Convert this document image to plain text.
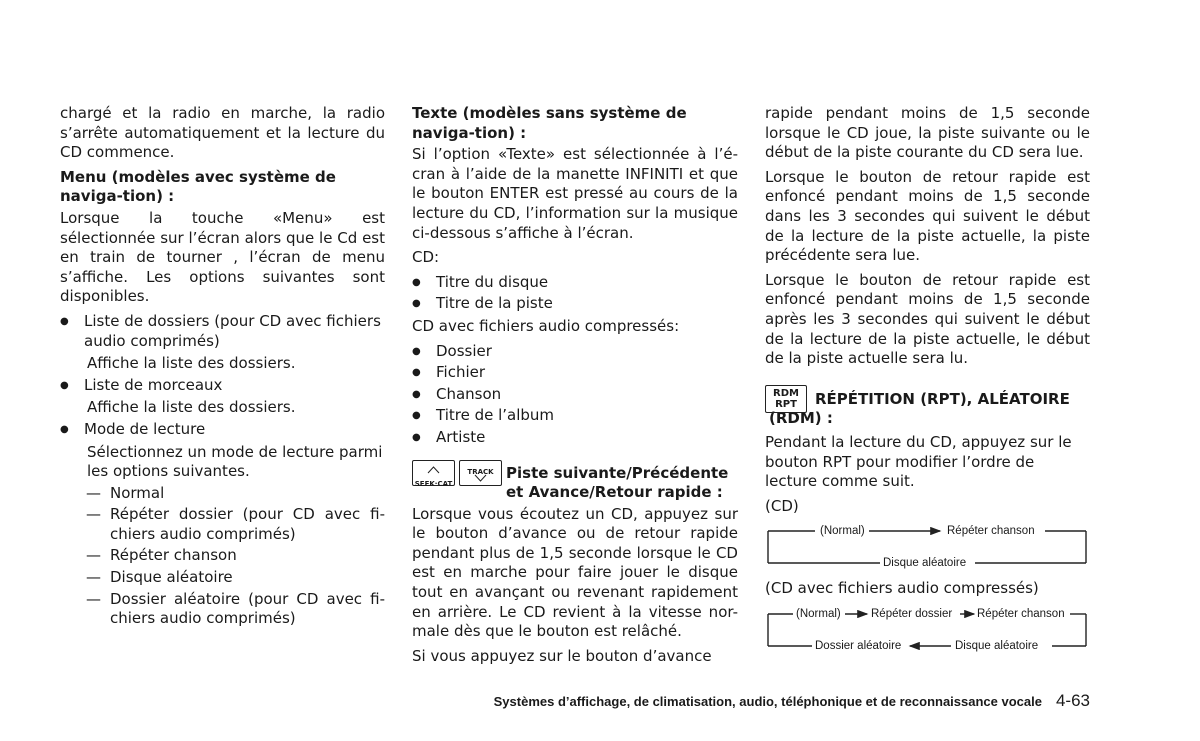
chargé et la radio en marche, la radio s’arrête automatiquement et la lecture du CD commence.

Menu (modèles avec système de naviga-tion) :

Lorsque la touche «Menu» est sélectionnée sur l’écran alors que le Cd est en train de tourner , l’écran de menu s’affiche. Les options suivantes sont disponibles.

● Liste de dossiers (pour CD avec fichiers audio comprimés)
Affiche la liste des dossiers.
● Liste de morceaux
Affiche la liste des dossiers.
● Mode de lecture
Sélectionnez un mode de lecture parmi les options suivantes.
— Normal
— Répéter dossier (pour CD avec fi-chiers audio comprimés)
— Répéter chanson
— Disque aléatoire
— Dossier aléatoire (pour CD avec fi-chiers audio comprimés)

Texte (modèles sans système de naviga-tion) :

Si l’option «Texte» est sélectionnée à l’é-cran à l’aide de la manette INFINITI et que le bouton ENTER est pressé au cours de la lecture du CD, l’information sur la musique ci-dessous s’affiche à l’écran.

CD:

● Titre du disque
● Titre de la piste

CD avec fichiers audio compressés:

● Dossier
● Fichier
● Chanson
● Titre de l’album
● Artiste
SEEK·CAT
TRACK Piste suivante/Précédente et Avance/Retour rapide :

Lorsque vous écoutez un CD, appuyez sur le bouton d’avance ou de retour rapide pendant plus de 1,5 seconde lorsque le CD est en marche pour faire jouer le disque tout en avançant ou revenant rapidement en arrière. Le CD revient à la vitesse nor-male dès que le bouton est relâché.

Si vous appuyez sur le bouton d’avance

rapide pendant moins de 1,5 seconde lorsque le CD joue, la piste suivante ou le début de la piste courante du CD sera lue.

Lorsque le bouton de retour rapide est enfoncé pendant moins de 1,5 seconde dans les 3 secondes qui suivent le début de la lecture de la piste actuelle, la piste précédente sera lue.

Lorsque le bouton de retour rapide est enfoncé pendant moins de 1,5 seconde après les 3 secondes qui suivent le début de la lecture de la piste actuelle, le début de la piste actuelle sera lu.

RDM
RPT	RÉPÉTITION (RPT), ALÉATOIRE (RDM) :

Pendant la lecture du CD, appuyez sur le bouton RPT pour modifier l’ordre de lecture comme suit.

(CD)

(Normal)	Répéter chanson
Disque aléatoire

(CD avec fichiers audio compressés)

(Normal)	Répéter dossier Répéter chanson
Dossier aléatoire	Disque aléatoire
Systèmes d’affichage, de climatisation, audio, téléphonique et de reconnaissance vocale 4-63
